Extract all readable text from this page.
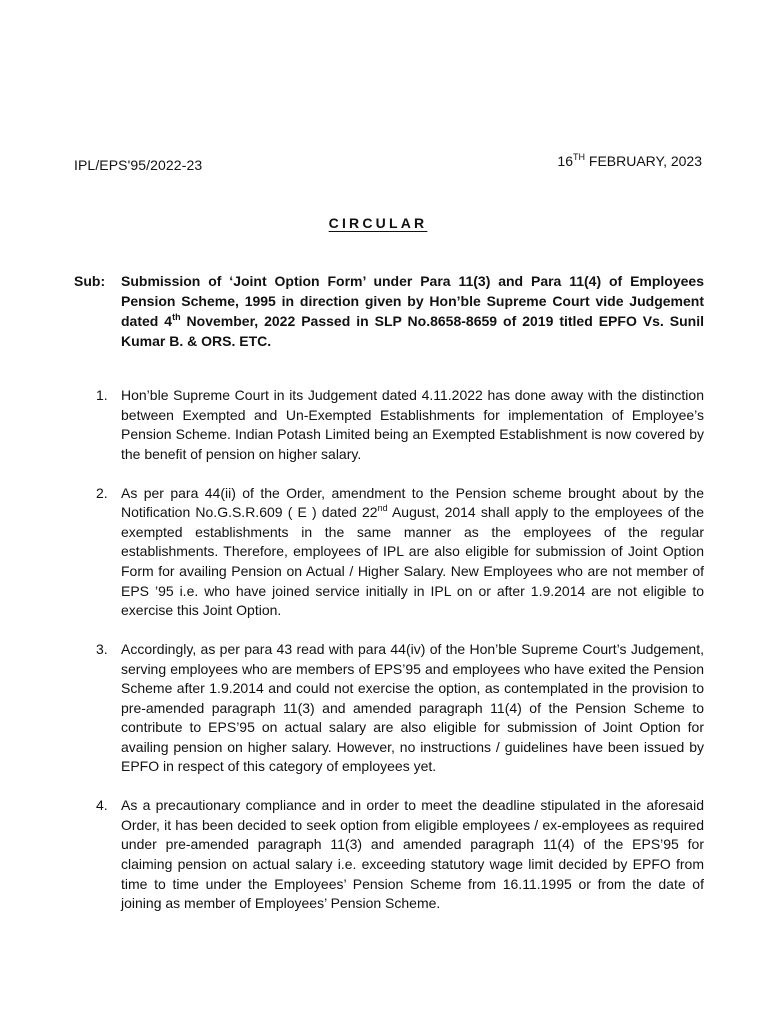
IPL/EPS'95/2022-23	16TH FEBRUARY, 2023
CIRCULAR
Sub: Submission of ‘Joint Option Form’ under Para 11(3) and Para 11(4) of Employees Pension Scheme, 1995 in direction given by Hon’ble Supreme Court vide Judgement dated 4th November, 2022 Passed in SLP No.8658-8659 of 2019 titled EPFO Vs. Sunil Kumar B. & ORS. ETC.
1. Hon’ble Supreme Court in its Judgement dated 4.11.2022 has done away with the distinction between Exempted and Un-Exempted Establishments for implementation of Employee’s Pension Scheme. Indian Potash Limited being an Exempted Establishment is now covered by the benefit of pension on higher salary.
2. As per para 44(ii) of the Order, amendment to the Pension scheme brought about by the Notification No.G.S.R.609 ( E ) dated 22nd August, 2014 shall apply to the employees of the exempted establishments in the same manner as the employees of the regular establishments. Therefore, employees of IPL are also eligible for submission of Joint Option Form for availing Pension on Actual / Higher Salary. New Employees who are not member of EPS ’95 i.e. who have joined service initially in IPL on or after 1.9.2014 are not eligible to exercise this Joint Option.
3. Accordingly, as per para 43 read with para 44(iv) of the Hon’ble Supreme Court’s Judgement, serving employees who are members of EPS’95 and employees who have exited the Pension Scheme after 1.9.2014 and could not exercise the option, as contemplated in the provision to pre-amended paragraph 11(3) and amended paragraph 11(4) of the Pension Scheme to contribute to EPS’95 on actual salary are also eligible for submission of Joint Option for availing pension on higher salary. However, no instructions / guidelines have been issued by EPFO in respect of this category of employees yet.
4. As a precautionary compliance and in order to meet the deadline stipulated in the aforesaid Order, it has been decided to seek option from eligible employees / ex-employees as required under pre-amended paragraph 11(3) and amended paragraph 11(4) of the EPS’95 for claiming pension on actual salary i.e. exceeding statutory wage limit decided by EPFO from time to time under the Employees’ Pension Scheme from 16.11.1995 or from the date of joining as member of Employees’ Pension Scheme.
